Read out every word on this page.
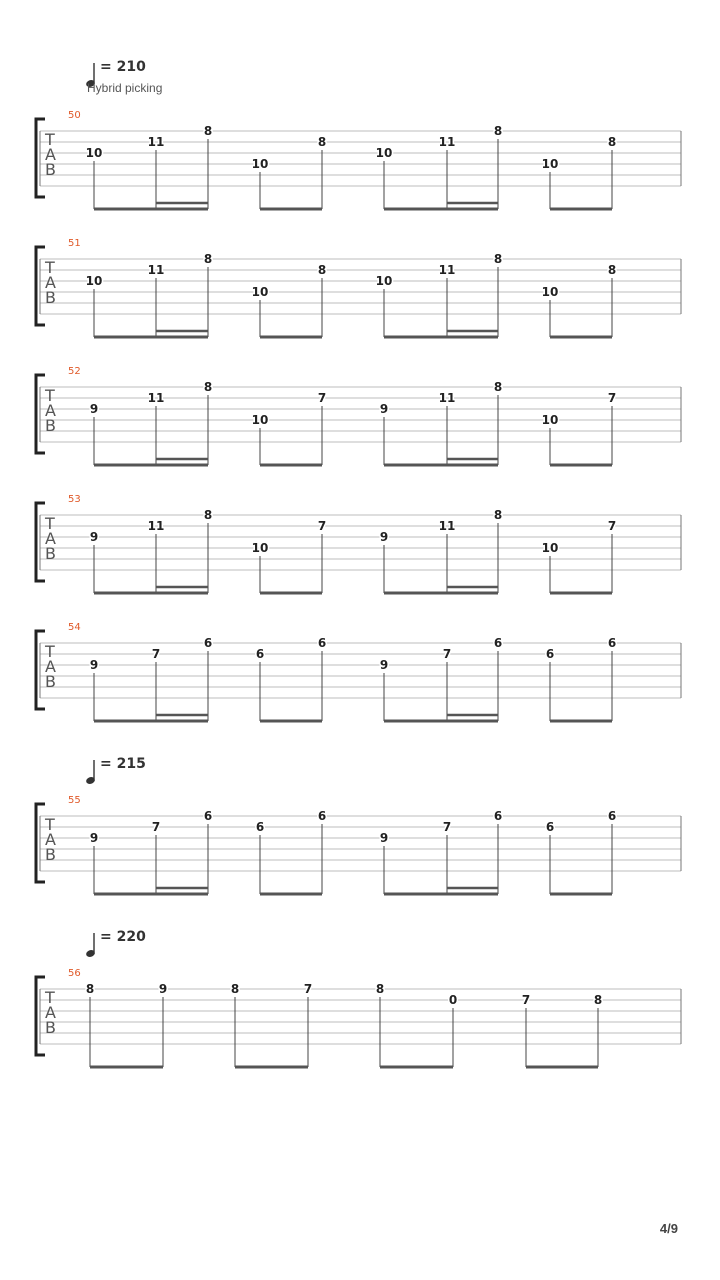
= 210
Hybrid picking
= 215
= 220
50
T
A
B
10
11
8
10
8
10
11
8
10
8
51
T
A
B
10
11
8
10
8
10
11
8
10
8
52
T
A
B
9
11
8
10
7
9
11
8
10
7
53
T
A
B
9
11
8
10
7
9
11
8
10
7
54
T
A
B
9
7
6
6
6
9
7
6
6
6
55
T
A
B
9
7
6
6
6
9
7
6
6
6
56
T
A
B
8	9	8	7	8
0	7	8
4/9
